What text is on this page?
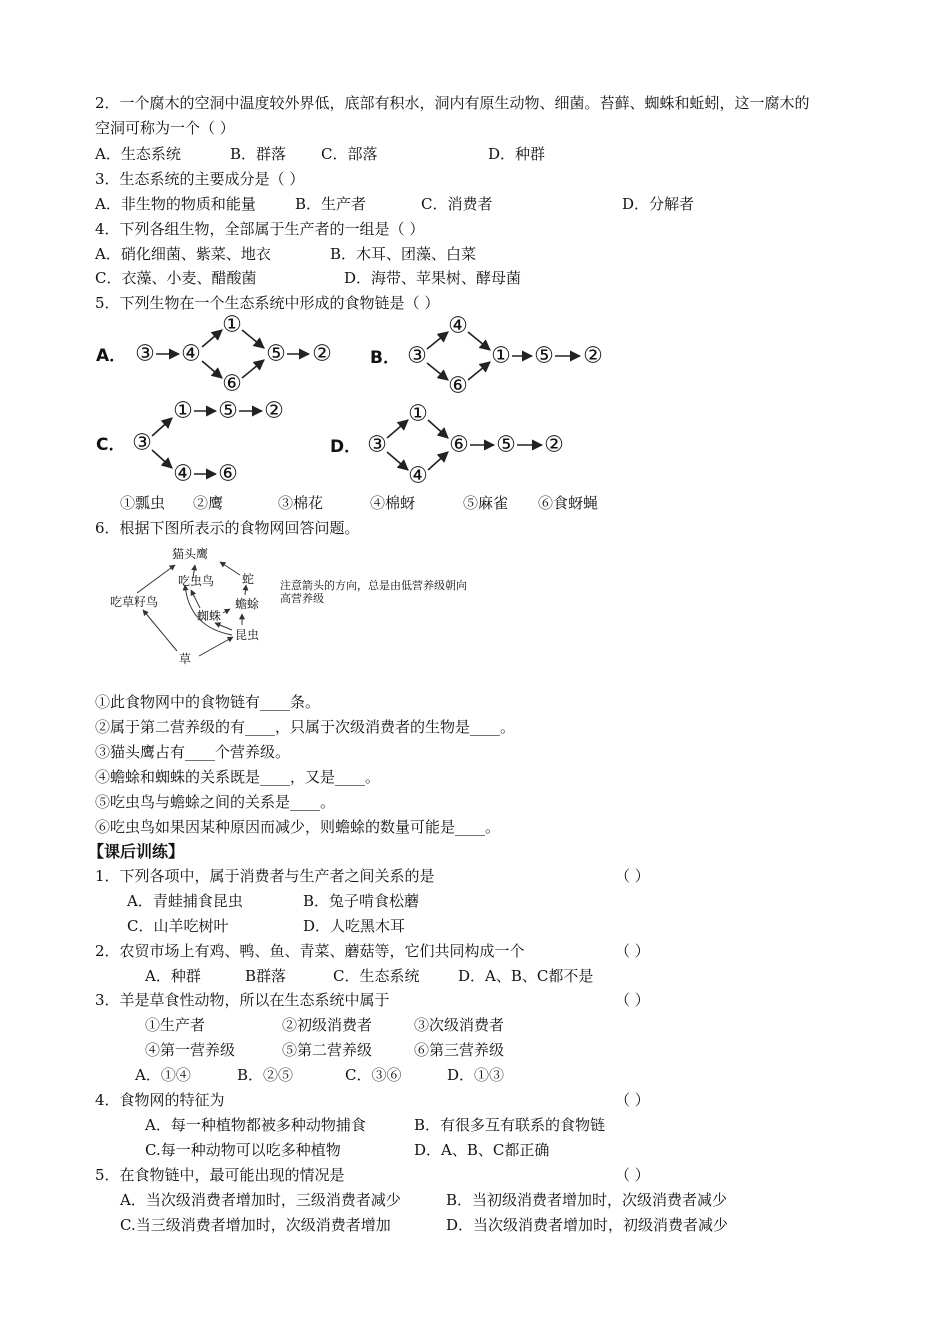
2．一个腐木的空洞中温度较外界低，底部有积水，洞内有原生动物、细菌。苔藓、蜘蛛和蚯蚓，这一腐木的
空洞可称为一个（ ）
A．生态系统	B．群落 C．部落	D．种群
3．生态系统的主要成分是（ ）
A．非生物的物质和能量	B．生产者	C．消费者	D．分解者
4．下列各组生物，全部属于生产者的一组是（ ）
A．硝化细菌、紫菜、地衣	B．木耳、团藻、白菜
C．衣藻、小麦、醋酸菌	D．海带、苹果树、酵母菌
5．下列生物在一个生态系统中形成的食物链是（ ）
③ ④
①
⑥
⑤ ②	③
④
⑥
① ⑤ ②
③
① ⑤ ②
④ ⑥
③
①
④
⑥ ⑤ ②
A．	B．
C．	D．
①瓢虫 ②鹰	③棉花	④棉蚜	⑤麻雀 ⑥食蚜蝇
6．根据下图所表示的食物网回答问题。
猫头鹰
吃草籽鸟
吃虫鸟 蛇
蟾蜍
蜘蛛
昆虫
草
注意箭头的方向，总是由低营养级朝向
高营养级
①此食物网中的食物链有____条。
②属于第二营养级的有____，只属于次级消费者的生物是____。
③猫头鹰占有____个营养级。
④蟾蜍和蜘蛛的关系既是____，又是____。
⑤吃虫鸟与蟾蜍之间的关系是____。
⑥吃虫鸟如果因某种原因而减少，则蟾蜍的数量可能是____。
【课后训练】
1．下列各项中，属于消费者与生产者之间关系的是	（ ）
A．青蛙捕食昆虫	B．兔子啃食松蘑
C．山羊吃树叶	D．人吃黑木耳
2．农贸市场上有鸡、鸭、鱼、青菜、蘑菇等，它们共同构成一个	（ ）
A．种群	B群落	C．生态系统	D．A、B、C都不是
3．羊是草食性动物，所以在生态系统中属于	（ ）
①生产者	②初级消费者	③次级消费者
④第一营养级	⑤第二营养级	⑥第三营养级
A．①④	B．②⑤	C．③⑥	D．①③
4．食物网的特征为	（ ）
A．每一种植物都被多种动物捕食	B．有很多互有联系的食物链
C.每一种动物可以吃多种植物	D．A、B、C都正确
5．在食物链中，最可能出现的情况是	（ ）
A．当次级消费者增加时，三级消费者减少	B．当初级消费者增加时，次级消费者减少
C.当三级消费者增加时，次级消费者增加	D．当次级消费者增加时，初级消费者减少
